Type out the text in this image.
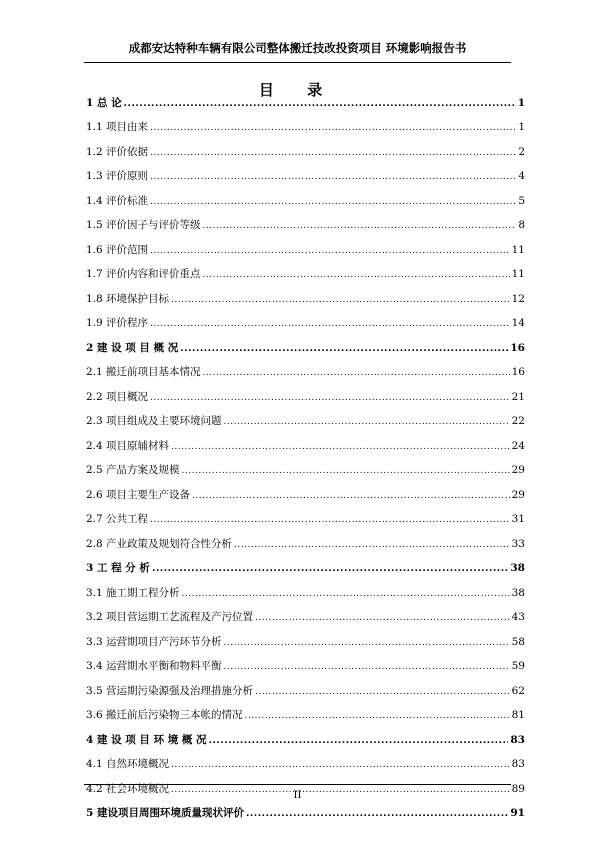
成都安达特种车辆有限公司整体搬迁技改投资项目 环境影响报告书
目 录
1 总 论 .....	1
1.1 项目由来 .....	1
1.2 评价依据 .....	2
1.3 评价原则 .....	4
1.4 评价标准 .....	5
1.5 评价因子与评价等级 .....	8
1.6 评价范围 .....	11
1.7 评价内容和评价重点 .....	11
1.8 环境保护目标 .....	12
1.9 评价程序 .....	14
2 建 设 项 目 概 况 .....	16
2.1 搬迁前项目基本情况 .....	16
2.2 项目概况 .....	21
2.3 项目组成及主要环境问题 .....	22
2.4 项目原辅材料 .....	24
2.5 产品方案及规模 .....	29
2.6 项目主要生产设备 .....	29
2.7 公共工程 .....	31
2.8 产业政策及规划符合性分析 .....	33
3 工 程 分 析 .....	38
3.1 施工期工程分析 .....	38
3.2 项目营运期工艺流程及产污位置 .....	43
3.3 运营期项目产污环节分析 .....	58
3.4 运营期水平衡和物料平衡 .....	59
3.5 营运期污染源强及治理措施分析 .....	62
3.6 搬迁前后污染物三本帐的情况 .....	81
4 建 设 项 目 环 境 概 况 .....	83
4.1 自然环境概况 .....	83
4.2 社会环境概况 .....	89
5 建设项目周围环境质量现状评价 .....	91
II
